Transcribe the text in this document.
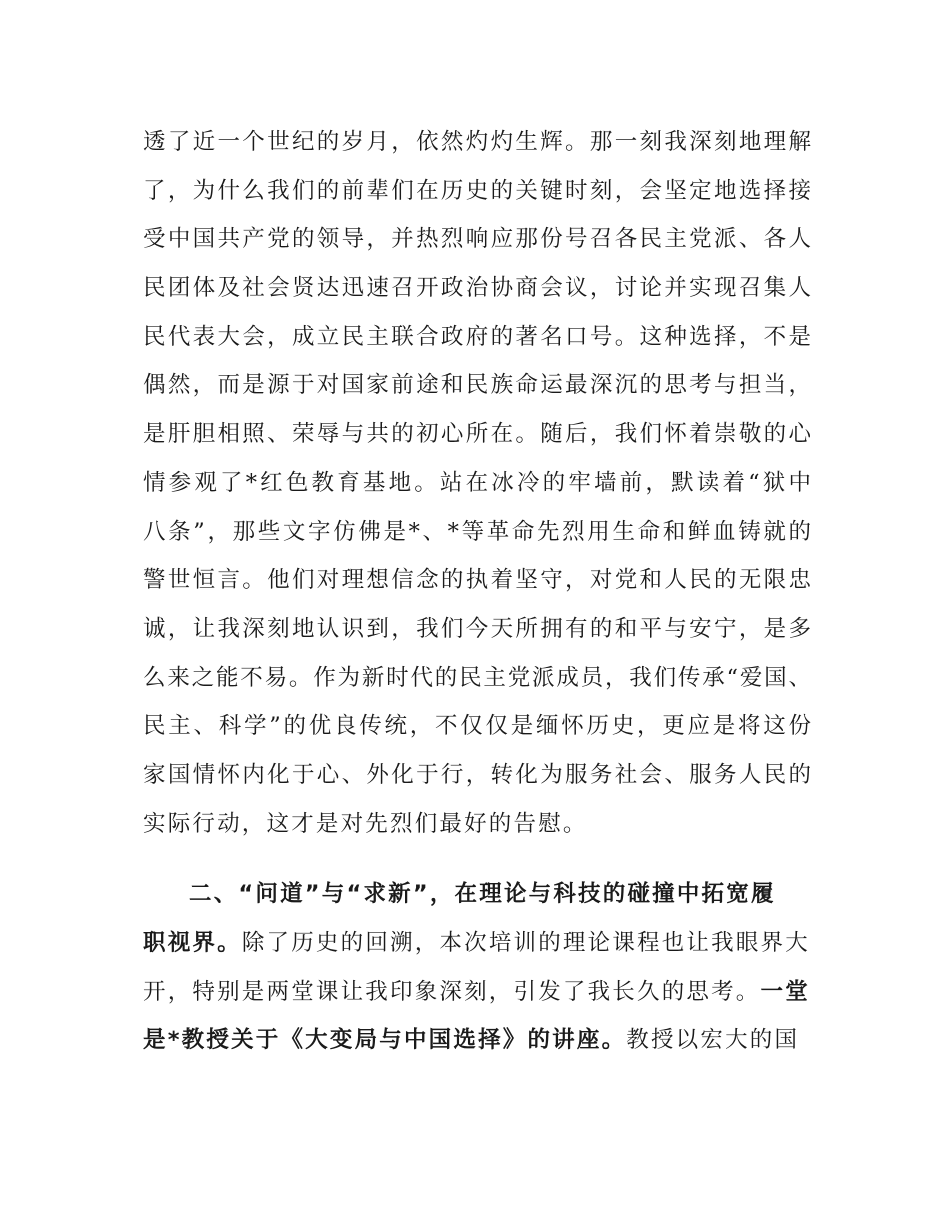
透了近一个世纪的岁月，依然灼灼生辉。那一刻我深刻地理解
了，为什么我们的前辈们在历史的关键时刻，会坚定地选择接
受中国共产党的领导，并热烈响应那份号召各民主党派、各人
民团体及社会贤达迅速召开政治协商会议，讨论并实现召集人
民代表大会，成立民主联合政府的著名口号。这种选择，不是
偶然，而是源于对国家前途和民族命运最深沉的思考与担当，
是肝胆相照、荣辱与共的初心所在。随后，我们怀着崇敬的心
情参观了*红色教育基地。站在冰冷的牢墙前，默读着“狱中
八条”，那些文字仿佛是*、*等革命先烈用生命和鲜血铸就的
警世恒言。他们对理想信念的执着坚守，对党和人民的无限忠
诚，让我深刻地认识到，我们今天所拥有的和平与安宁，是多
么来之能不易。作为新时代的民主党派成员，我们传承“爱国、
民主、科学”的优良传统，不仅仅是缅怀历史，更应是将这份
家国情怀内化于心、外化于行，转化为服务社会、服务人民的
实际行动，这才是对先烈们最好的告慰。
二、“问道”与“求新”，在理论与科技的碰撞中拓宽履
职视界。除了历史的回溯，本次培训的理论课程也让我眼界大
开，特别是两堂课让我印象深刻，引发了我长久的思考。一堂
是*教授关于《大变局与中国选择》的讲座。教授以宏大的国
